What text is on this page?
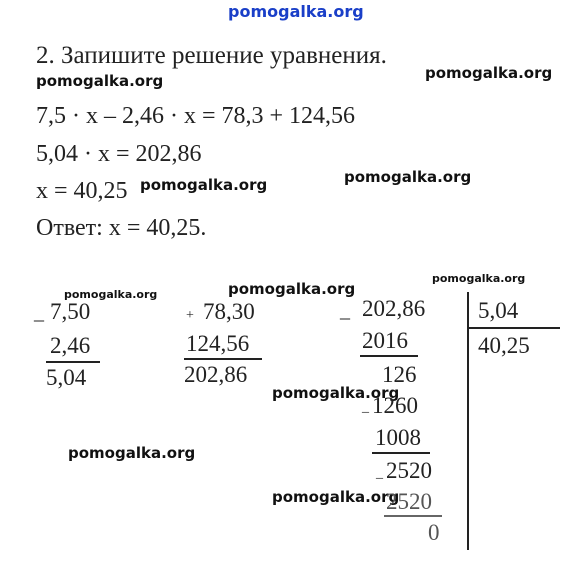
pomogalka.org
pomogalka.org	pomogalka.org
pomogalka.org	pomogalka.org
pomogalka.org	pomogalka.org
pomogalka.org
pomogalka.org
pomogalka.org
pomogalka.org
2. Запишите решение уравнения.
7,5 · x – 2,46 · x = 78,3 + 124,56
5,04 · x = 202,86
x = 40,25
Ответ: x = 40,25.
_ 7,50
2,46
5,04
+ 78,30
124,56
202,86
_ 202,86 5,04
40,25
2016
126
_ 1260
1008
_ 2520
2520
0
